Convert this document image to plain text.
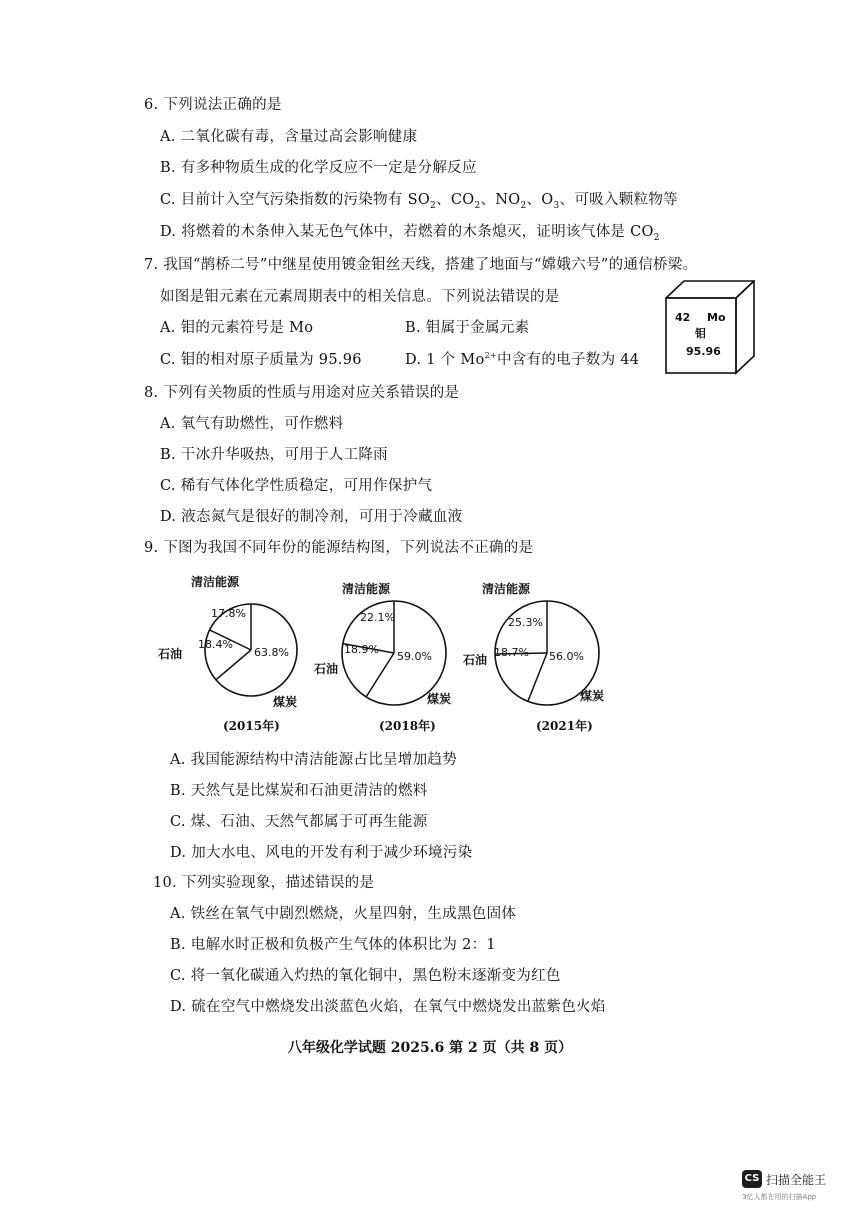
6. 下列说法正确的是
A. 二氧化碳有毒，含量过高会影响健康
B. 有多种物质生成的化学反应不一定是分解反应
C. 目前计入空气污染指数的污染物有 $SO_2$、$CO_2$、$NO_2$、$O_3$、可吸入颗粒物等
D. 将燃着的木条伸入某无色气体中，若燃着的木条熄灭，证明该气体是 $CO_2$
7. 我国“鹊桥二号”中继星使用镀金钼丝天线，搭建了地面与“嫦娥六号”的通信桥梁。
如图是钼元素在元素周期表中的相关信息。下列说法错误的是
A. 钼的元素符号是 Mo	B. 钼属于金属元素
C. 钼的相对原子质量为 95.96	D. 1 个 $Mo^{2+}$中含有的电子数为 44
42 Mo
钼
95.96
8. 下列有关物质的性质与用途对应关系错误的是
A. 氧气有助燃性，可作燃料
B. 干冰升华吸热，可用于人工降雨
C. 稀有气体化学性质稳定，可用作保护气
D. 液态氮气是很好的制冷剂，可用于冷藏血液
9. 下图为我国不同年份的能源结构图，下列说法不正确的是
清洁能源
17.8%
18.4%
63.8%
石油
煤炭
(2015年)
清洁能源
22.1%
18.9%
59.0%
石油
煤炭
(2018年)
清洁能源
25.3%
18.7% 56.0%
石油
煤炭
(2021年)
A. 我国能源结构中清洁能源占比呈增加趋势
B. 天然气是比煤炭和石油更清洁的燃料
C. 煤、石油、天然气都属于可再生能源
D. 加大水电、风电的开发有利于减少环境污染
10. 下列实验现象，描述错误的是
A. 铁丝在氧气中剧烈燃烧，火星四射，生成黑色固体
B. 电解水时正极和负极产生气体的体积比为 2：1
C. 将一氧化碳通入灼热的氧化铜中，黑色粉末逐渐变为红色
D. 硫在空气中燃烧发出淡蓝色火焰，在氧气中燃烧发出蓝紫色火焰
八年级化学试题 2025.6 第 2 页（共 8 页）
CS 扫描全能王
3亿人都在用的扫描App
